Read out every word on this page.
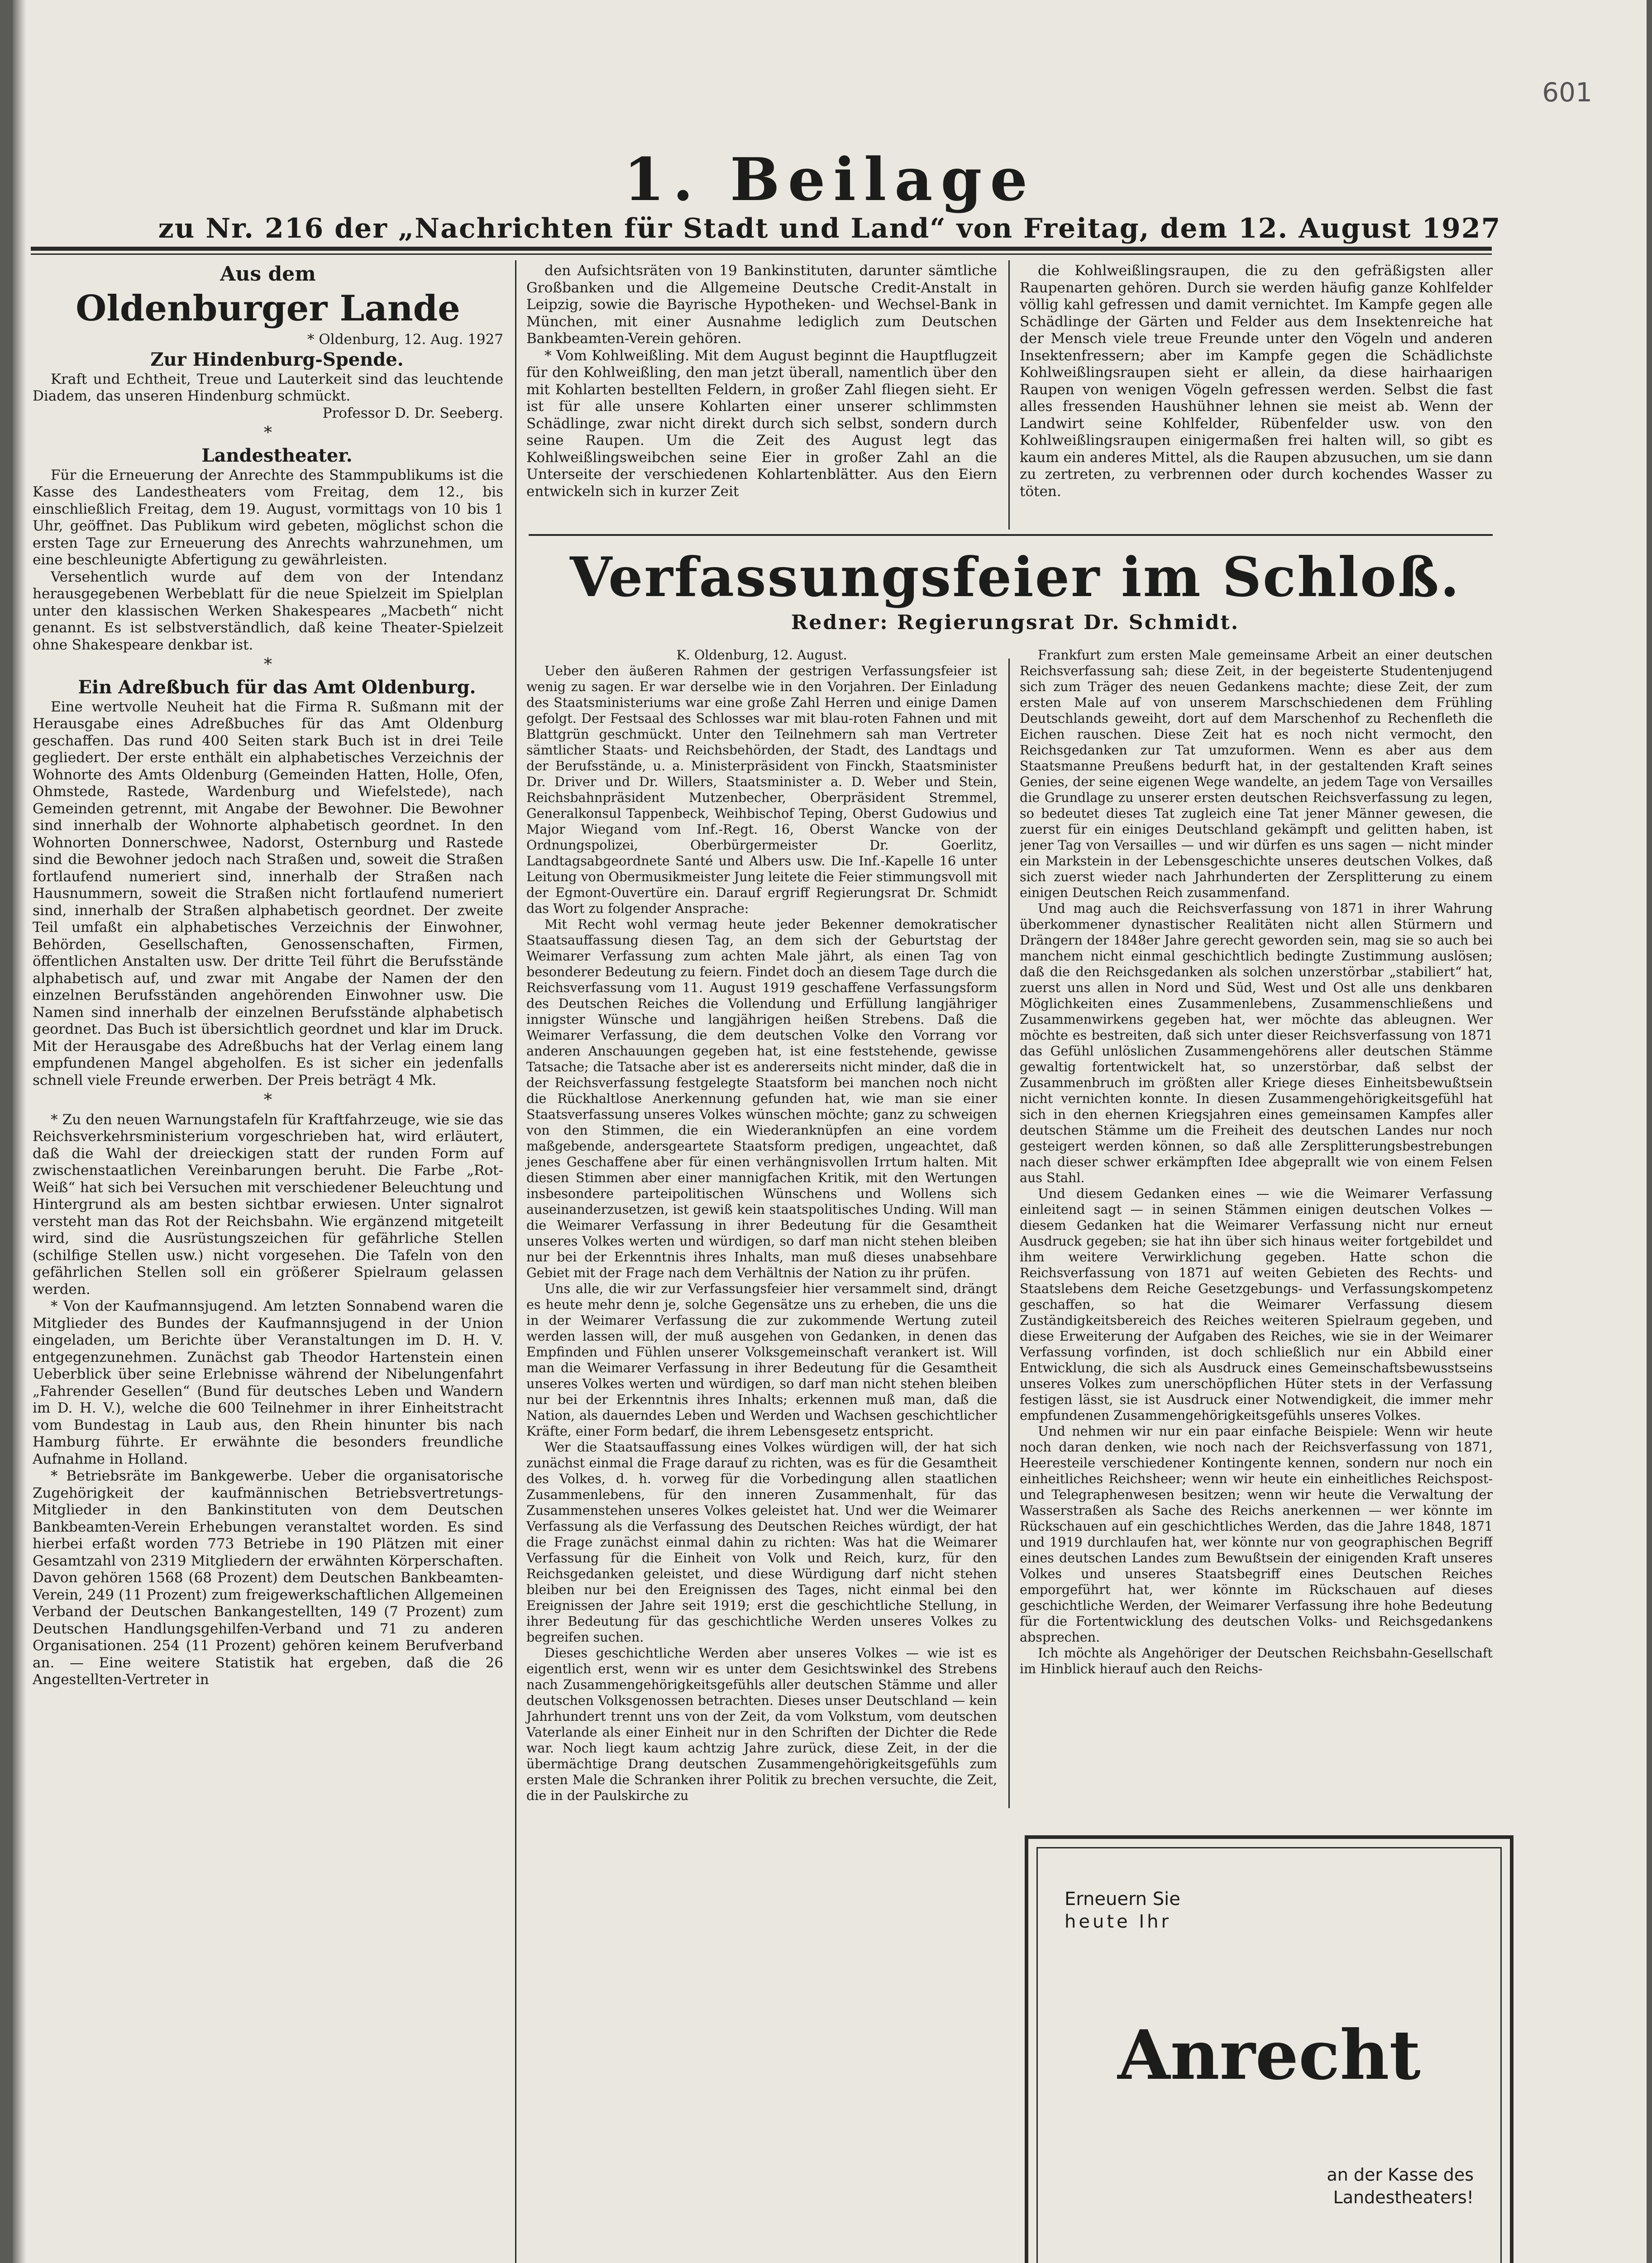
601
1. Beilage
zu Nr. 216 der „Nachrichten für Stadt und Land“ von Freitag, dem 12. August 1927

Aus dem

Oldenburger Lande

* Oldenburg, 12. Aug. 1927

Zur Hindenburg-Spende.

Kraft und Echtheit, Treue und Lauterkeit sind das leuchtende Diadem, das unseren Hindenburg schmückt.

Professor D. Dr. Seeberg.

*

Landestheater.

Für die Erneuerung der Anrechte des Stammpublikums ist die Kasse des Landestheaters vom Freitag, dem 12., bis einschließlich Freitag, dem 19. August, vormittags von 10 bis 1 Uhr, geöffnet. Das Publikum wird gebeten, möglichst schon die ersten Tage zur Erneuerung des Anrechts wahrzunehmen, um eine beschleunigte Abfertigung zu gewährleisten.

Versehentlich wurde auf dem von der Intendanz herausgegebenen Werbeblatt für die neue Spielzeit im Spielplan unter den klassischen Werken Shakespeares „Macbeth“ nicht genannt. Es ist selbstverständlich, daß keine Theater-Spielzeit ohne Shakespeare denkbar ist.

*

Ein Adreßbuch für das Amt Oldenburg.

Eine wertvolle Neuheit hat die Firma R. Sußmann mit der Herausgabe eines Adreßbuches für das Amt Oldenburg geschaffen. Das rund 400 Seiten stark Buch ist in drei Teile gegliedert. Der erste enthält ein alphabetisches Verzeichnis der Wohnorte des Amts Oldenburg (Gemeinden Hatten, Holle, Ofen, Ohmstede, Rastede, Wardenburg und Wiefelstede), nach Gemeinden getrennt, mit Angabe der Bewohner. Die Bewohner sind innerhalb der Wohnorte alphabetisch geordnet. In den Wohnorten Donnerschwee, Nadorst, Osternburg und Rastede sind die Bewohner jedoch nach Straßen und, soweit die Straßen fortlaufend numeriert sind, innerhalb der Straßen nach Hausnummern, soweit die Straßen nicht fortlaufend numeriert sind, innerhalb der Straßen alphabetisch geordnet. Der zweite Teil umfaßt ein alphabetisches Verzeichnis der Einwohner, Behörden, Gesellschaften, Genossenschaften, Firmen, öffentlichen Anstalten usw. Der dritte Teil führt die Berufsstände alphabetisch auf, und zwar mit Angabe der Namen der den einzelnen Berufsständen angehörenden Einwohner usw. Die Namen sind innerhalb der einzelnen Berufsstände alphabetisch geordnet. Das Buch ist übersichtlich geordnet und klar im Druck. Mit der Herausgabe des Adreßbuchs hat der Verlag einem lang empfundenen Mangel abgeholfen. Es ist sicher ein jedenfalls schnell viele Freunde erwerben. Der Preis beträgt 4 Mk.

*

* Zu den neuen Warnungstafeln für Kraftfahrzeuge, wie sie das Reichsverkehrsministerium vorgeschrieben hat, wird erläutert, daß die Wahl der dreieckigen statt der runden Form auf zwischenstaatlichen Vereinbarungen beruht. Die Farbe „Rot-Weiß“ hat sich bei Versuchen mit verschiedener Beleuchtung und Hintergrund als am besten sichtbar erwiesen. Unter signalrot versteht man das Rot der Reichsbahn. Wie ergänzend mitgeteilt wird, sind die Ausrüstungszeichen für gefährliche Stellen (schilfige Stellen usw.) nicht vorgesehen. Die Tafeln von den gefährlichen Stellen soll ein größerer Spielraum gelassen werden.

* Von der Kaufmannsjugend. Am letzten Sonnabend waren die Mitglieder des Bundes der Kaufmannsjugend in der Union eingeladen, um Berichte über Veranstaltungen im D. H. V. entgegenzunehmen. Zunächst gab Theodor Hartenstein einen Ueberblick über seine Erlebnisse während der Nibelungenfahrt „Fahrender Gesellen“ (Bund für deutsches Leben und Wandern im D. H. V.), welche die 600 Teilnehmer in ihrer Einheitstracht vom Bundestag in Laub aus, den Rhein hinunter bis nach Hamburg führte. Er erwähnte die besonders freundliche Aufnahme in Holland.

* Betriebsräte im Bankgewerbe. Ueber die organisatorische Zugehörigkeit der kaufmännischen Betriebsvertretungs-Mitglieder in den Bankinstituten von dem Deutschen Bankbeamten-Verein Erhebungen veranstaltet worden. Es sind hierbei erfaßt worden 773 Betriebe in 190 Plätzen mit einer Gesamtzahl von 2319 Mitgliedern der erwähnten Körperschaften. Davon gehören 1568 (68 Prozent) dem Deutschen Bankbeamten-Verein, 249 (11 Prozent) zum freigewerkschaftlichen Allgemeinen Verband der Deutschen Bankangestellten, 149 (7 Prozent) zum Deutschen Handlungsgehilfen-Verband und 71 zu anderen Organisationen. 254 (11 Prozent) gehören keinem Berufverband an. — Eine weitere Statistik hat ergeben, daß die 26 Angestellten-Vertreter in

den Aufsichtsräten von 19 Bankinstituten, darunter sämtliche Großbanken und die Allgemeine Deutsche Credit-Anstalt in Leipzig, sowie die Bayrische Hypotheken- und Wechsel-Bank in München, mit einer Ausnahme lediglich zum Deutschen Bankbeamten-Verein gehören.

* Vom Kohlweißling. Mit dem August beginnt die Hauptflugzeit für den Kohlweißling, den man jetzt überall, namentlich über den mit Kohlarten bestellten Feldern, in großer Zahl fliegen sieht. Er ist für alle unsere Kohlarten einer unserer schlimmsten Schädlinge, zwar nicht direkt durch sich selbst, sondern durch seine Raupen. Um die Zeit des August legt das Kohlweißlingsweibchen seine Eier in großer Zahl an die Unterseite der verschiedenen Kohlartenblätter. Aus den Eiern entwickeln sich in kurzer Zeit

die Kohlweißlingsraupen, die zu den gefräßigsten aller Raupenarten gehören. Durch sie werden häufig ganze Kohlfelder völlig kahl gefressen und damit vernichtet. Im Kampfe gegen alle Schädlinge der Gärten und Felder aus dem Insektenreiche hat der Mensch viele treue Freunde unter den Vögeln und anderen Insektenfressern; aber im Kampfe gegen die Schädlichste Kohlweißlingsraupen sieht er allein, da diese hairhaarigen Raupen von wenigen Vögeln gefressen werden. Selbst die fast alles fressenden Haushühner lehnen sie meist ab. Wenn der Landwirt seine Kohlfelder, Rübenfelder usw. von den Kohlweißlingsraupen einigermaßen frei halten will, so gibt es kaum ein anderes Mittel, als die Raupen abzusuchen, um sie dann zu zertreten, zu verbrennen oder durch kochendes Wasser zu töten.

Verfassungsfeier im Schloß.
Redner: Regierungsrat Dr. Schmidt.

K. Oldenburg, 12. August.

Ueber den äußeren Rahmen der gestrigen Verfassungsfeier ist wenig zu sagen. Er war derselbe wie in den Vorjahren. Der Einladung des Staatsministeriums war eine große Zahl Herren und einige Damen gefolgt. Der Festsaal des Schlosses war mit blau-roten Fahnen und mit Blattgrün geschmückt. Unter den Teilnehmern sah man Vertreter sämtlicher Staats- und Reichsbehörden, der Stadt, des Landtags und der Berufsstände, u. a. Ministerpräsident von Finckh, Staatsminister Dr. Driver und Dr. Willers, Staatsminister a. D. Weber und Stein, Reichsbahnpräsident Mutzenbecher, Oberpräsident Stremmel, Generalkonsul Tappenbeck, Weihbischof Teping, Oberst Gudowius und Major Wiegand vom Inf.-Regt. 16, Oberst Wancke von der Ordnungspolizei, Oberbürgermeister Dr. Goerlitz, Landtagsabgeordnete Santé und Albers usw. Die Inf.-Kapelle 16 unter Leitung von Obermusikmeister Jung leitete die Feier stimmungsvoll mit der Egmont-Ouvertüre ein. Darauf ergriff Regierungsrat Dr. Schmidt das Wort zu folgender Ansprache:

Mit Recht wohl vermag heute jeder Bekenner demokratischer Staatsauffassung diesen Tag, an dem sich der Geburtstag der Weimarer Verfassung zum achten Male jährt, als einen Tag von besonderer Bedeutung zu feiern. Findet doch an diesem Tage durch die Reichsverfassung vom 11. August 1919 geschaffene Verfassungsform des Deutschen Reiches die Vollendung und Erfüllung langjähriger innigster Wünsche und langjährigen heißen Strebens. Daß die Weimarer Verfassung, die dem deutschen Volke den Vorrang vor anderen Anschauungen gegeben hat, ist eine feststehende, gewisse Tatsache; die Tatsache aber ist es andererseits nicht minder, daß die in der Reichsverfassung festgelegte Staatsform bei manchen noch nicht die Rückhaltlose Anerkennung gefunden hat, wie man sie einer Staatsverfassung unseres Volkes wünschen möchte; ganz zu schweigen von den Stimmen, die ein Wiederanknüpfen an eine vordem maßgebende, andersgeartete Staatsform predigen, ungeachtet, daß jenes Geschaffene aber für einen verhängnisvollen Irrtum halten. Mit diesen Stimmen aber einer mannigfachen Kritik, mit den Wertungen insbesondere parteipolitischen Wünschens und Wollens sich auseinanderzusetzen, ist gewiß kein staatspolitisches Unding. Will man die Weimarer Verfassung in ihrer Bedeutung für die Gesamtheit unseres Volkes werten und würdigen, so darf man nicht stehen bleiben nur bei der Erkenntnis ihres Inhalts, man muß dieses unabsehbare Gebiet mit der Frage nach dem Verhältnis der Nation zu ihr prüfen.

Uns alle, die wir zur Verfassungsfeier hier versammelt sind, drängt es heute mehr denn je, solche Gegensätze uns zu erheben, die uns die in der Weimarer Verfassung die zur zukommende Wertung zuteil werden lassen will, der muß ausgehen von Gedanken, in denen das Empfinden und Fühlen unserer Volksgemeinschaft verankert ist. Will man die Weimarer Verfassung in ihrer Bedeutung für die Gesamtheit unseres Volkes werten und würdigen, so darf man nicht stehen bleiben nur bei der Erkenntnis ihres Inhalts; erkennen muß man, daß die Nation, als dauerndes Leben und Werden und Wachsen geschichtlicher Kräfte, einer Form bedarf, die ihrem Lebensgesetz entspricht.

Wer die Staatsauffassung eines Volkes würdigen will, der hat sich zunächst einmal die Frage darauf zu richten, was es für die Gesamtheit des Volkes, d. h. vorweg für die Vorbedingung allen staatlichen Zusammenlebens, für den inneren Zusammenhalt, für das Zusammenstehen unseres Volkes geleistet hat. Und wer die Weimarer Verfassung als die Verfassung des Deutschen Reiches würdigt, der hat die Frage zunächst einmal dahin zu richten: Was hat die Weimarer Verfassung für die Einheit von Volk und Reich, kurz, für den Reichsgedanken geleistet, und diese Würdigung darf nicht stehen bleiben nur bei den Ereignissen des Tages, nicht einmal bei den Ereignissen der Jahre seit 1919; erst die geschichtliche Stellung, in ihrer Bedeutung für das geschichtliche Werden unseres Volkes zu begreifen suchen.

Dieses geschichtliche Werden aber unseres Volkes — wie ist es eigentlich erst, wenn wir es unter dem Gesichtswinkel des Strebens nach Zusammengehörigkeitsgefühls aller deutschen Stämme und aller deutschen Volksgenossen betrachten. Dieses unser Deutschland — kein Jahrhundert trennt uns von der Zeit, da vom Volkstum, vom deutschen Vaterlande als einer Einheit nur in den Schriften der Dichter die Rede war. Noch liegt kaum achtzig Jahre zurück, diese Zeit, in der die übermächtige Drang deutschen Zusammengehörigkeitsgefühls zum ersten Male die Schranken ihrer Politik zu brechen versuchte, die Zeit, die in der Paulskirche zu

Frankfurt zum ersten Male gemeinsame Arbeit an einer deutschen Reichsverfassung sah; diese Zeit, in der begeisterte Studentenjugend sich zum Träger des neuen Gedankens machte; diese Zeit, der zum ersten Male auf von unserem Marschschiedenen dem Frühling Deutschlands geweiht, dort auf dem Marschenhof zu Rechenfleth die Eichen rauschen. Diese Zeit hat es noch nicht vermocht, den Reichsgedanken zur Tat umzuformen. Wenn es aber aus dem Staatsmanne Preußens bedurft hat, in der gestaltenden Kraft seines Genies, der seine eigenen Wege wandelte, an jedem Tage von Versailles die Grundlage zu unserer ersten deutschen Reichsverfassung zu legen, so bedeutet dieses Tat zugleich eine Tat jener Männer gewesen, die zuerst für ein einiges Deutschland gekämpft und gelitten haben, ist jener Tag von Versailles — und wir dürfen es uns sagen — nicht minder ein Markstein in der Lebensgeschichte unseres deutschen Volkes, daß sich zuerst wieder nach Jahrhunderten der Zersplitterung zu einem einigen Deutschen Reich zusammenfand.

Und mag auch die Reichsverfassung von 1871 in ihrer Wahrung überkommener dynastischer Realitäten nicht allen Stürmern und Drängern der 1848er Jahre gerecht geworden sein, mag sie so auch bei manchem nicht einmal geschichtlich bedingte Zustimmung auslösen; daß die den Reichsgedanken als solchen unzerstörbar „stabiliert“ hat, zuerst uns allen in Nord und Süd, West und Ost alle uns denkbaren Möglichkeiten eines Zusammenlebens, Zusammenschließens und Zusammenwirkens gegeben hat, wer möchte das ableugnen. Wer möchte es bestreiten, daß sich unter dieser Reichsverfassung von 1871 das Gefühl unlöslichen Zusammengehörens aller deutschen Stämme gewaltig fortentwickelt hat, so unzerstörbar, daß selbst der Zusammenbruch im größten aller Kriege dieses Einheitsbewußtsein nicht vernichten konnte. In diesen Zusammengehörigkeitsgefühl hat sich in den ehernen Kriegsjahren eines gemeinsamen Kampfes aller deutschen Stämme um die Freiheit des deutschen Landes nur noch gesteigert werden können, so daß alle Zersplitterungsbestrebungen nach dieser schwer erkämpften Idee abgeprallt wie von einem Felsen aus Stahl.

Und diesem Gedanken eines — wie die Weimarer Verfassung einleitend sagt — in seinen Stämmen einigen deutschen Volkes — diesem Gedanken hat die Weimarer Verfassung nicht nur erneut Ausdruck gegeben; sie hat ihn über sich hinaus weiter fortgebildet und ihm weitere Verwirklichung gegeben. Hatte schon die Reichsverfassung von 1871 auf weiten Gebieten des Rechts- und Staatslebens dem Reiche Gesetzgebungs- und Verfassungskompetenz geschaffen, so hat die Weimarer Verfassung diesem Zuständigkeitsbereich des Reiches weiteren Spielraum gegeben, und diese Erweiterung der Aufgaben des Reiches, wie sie in der Weimarer Verfassung vorfinden, ist doch schließlich nur ein Abbild einer Entwicklung, die sich als Ausdruck eines Gemeinschaftsbewusstseins unseres Volkes zum unerschöpflichen Hüter stets in der Verfassung festigen lässt, sie ist Ausdruck einer Notwendigkeit, die immer mehr empfundenen Zusammengehörigkeitsgefühls unseres Volkes.

Und nehmen wir nur ein paar einfache Beispiele: Wenn wir heute noch daran denken, wie noch nach der Reichsverfassung von 1871, Heeresteile verschiedener Kontingente kennen, sondern nur noch ein einheitliches Reichsheer; wenn wir heute ein einheitliches Reichspost- und Telegraphenwesen besitzen; wenn wir heute die Verwaltung der Wasserstraßen als Sache des Reichs anerkennen — wer könnte im Rückschauen auf ein geschichtliches Werden, das die Jahre 1848, 1871 und 1919 durchlaufen hat, wer könnte nur von geographischen Begriff eines deutschen Landes zum Bewußtsein der einigenden Kraft unseres Volkes und unseres Staatsbegriff eines Deutschen Reiches emporgeführt hat, wer könnte im Rückschauen auf dieses geschichtliche Werden, der Weimarer Verfassung ihre hohe Bedeutung für die Fortentwicklung des deutschen Volks- und Reichsgedankens absprechen.

Ich möchte als Angehöriger der Deutschen Reichsbahn-Gesellschaft im Hinblick hierauf auch den Reichs-

Erneuern Sie
heute Ihr
Anrecht
an der Kasse des
Landestheaters!
